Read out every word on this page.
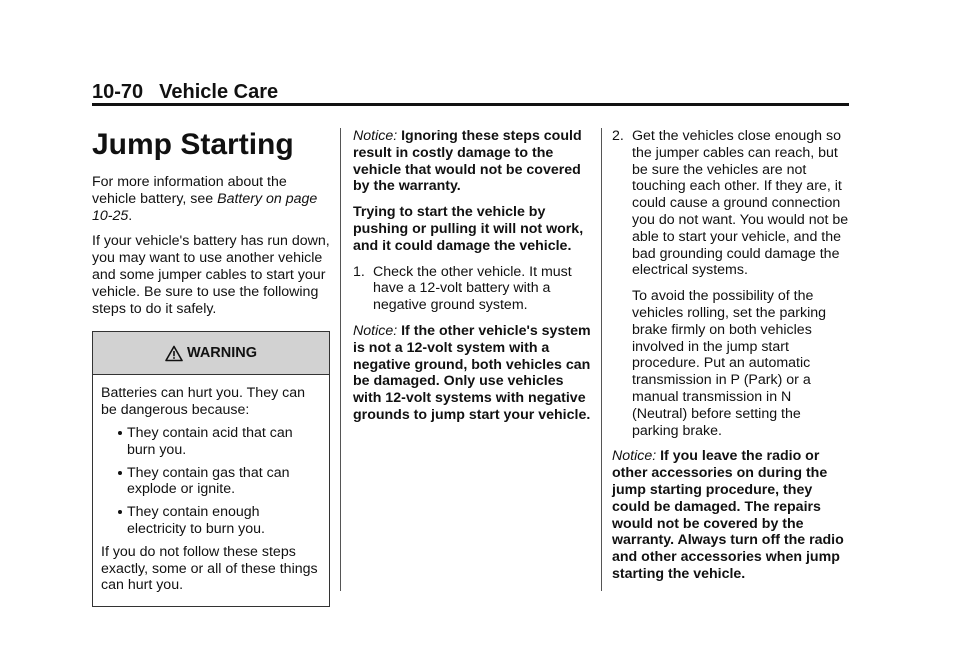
10-70 Vehicle Care
Jump Starting

For more information about the vehicle battery, see Battery on page 10-25.

If your vehicle's battery has run down, you may want to use another vehicle and some jumper cables to start your vehicle. Be sure to use the following steps to do it safely.

WARNING

Batteries can hurt you. They can be dangerous because:

They contain acid that can burn you.
They contain gas that can explode or ignite.
They contain enough electricity to burn you.

If you do not follow these steps exactly, some or all of these things can hurt you.

Notice: Ignoring these steps could result in costly damage to the vehicle that would not be covered by the warranty.

Trying to start the vehicle by pushing or pulling it will not work, and it could damage the vehicle.

1. Check the other vehicle. It must have a 12-volt battery with a negative ground system.

Notice: If the other vehicle's system is not a 12-volt system with a negative ground, both vehicles can be damaged. Only use vehicles with 12-volt systems with negative grounds to jump start your vehicle.

2. Get the vehicles close enough so the jumper cables can reach, but be sure the vehicles are not touching each other. If they are, it could cause a ground connection you do not want. You would not be able to start your vehicle, and the bad grounding could damage the electrical systems.

To avoid the possibility of the vehicles rolling, set the parking brake firmly on both vehicles involved in the jump start procedure. Put an automatic transmission in P (Park) or a manual transmission in N (Neutral) before setting the parking brake.

Notice: If you leave the radio or other accessories on during the jump starting procedure, they could be damaged. The repairs would not be covered by the warranty. Always turn off the radio and other accessories when jump starting the vehicle.
